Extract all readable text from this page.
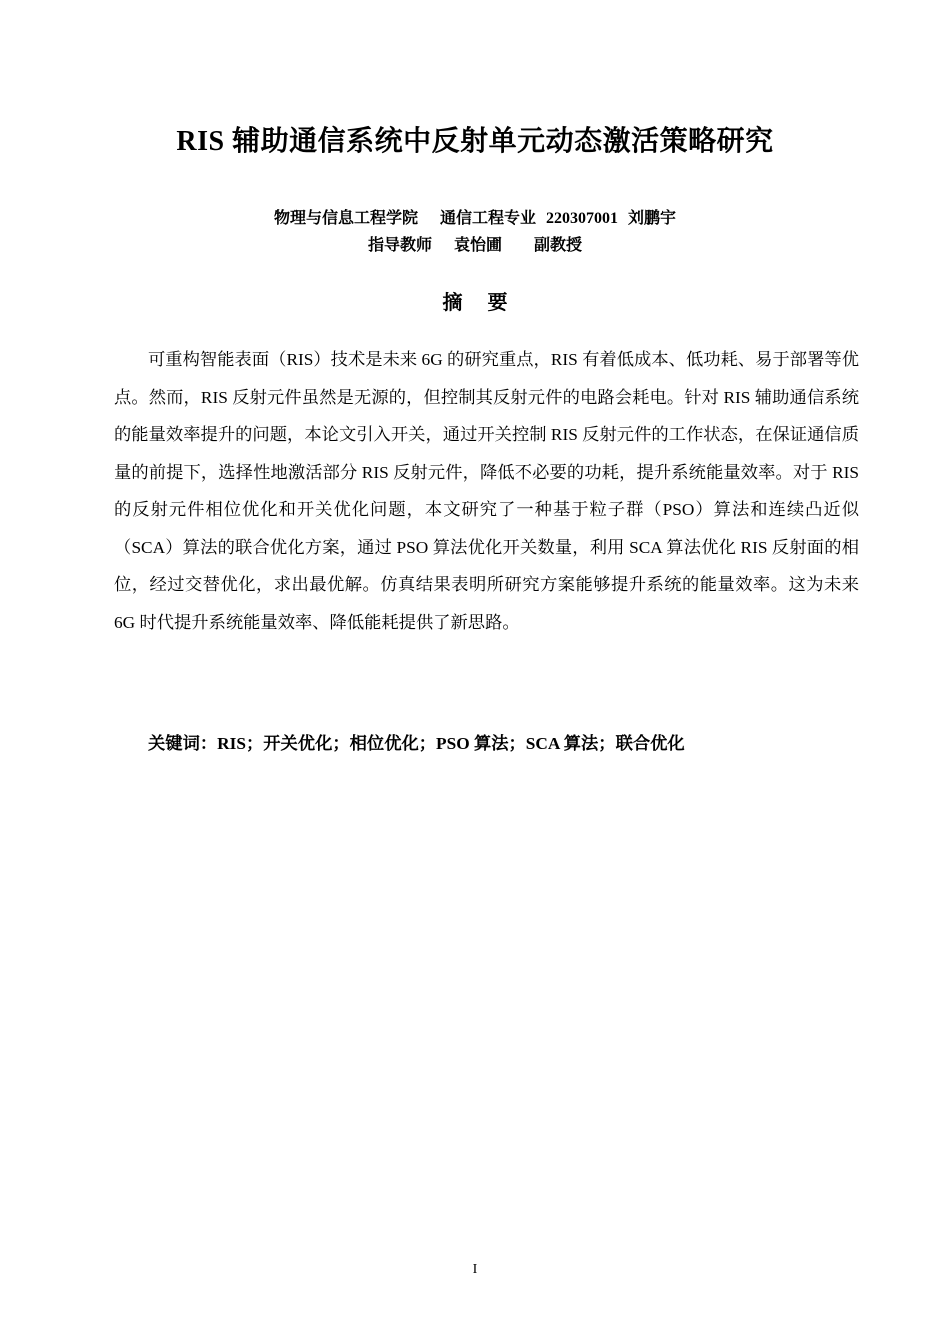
RIS 辅助通信系统中反射单元动态激活策略研究
物理与信息工程学院 通信工程专业 220307001 刘鹏宇
指导教师 袁怡圃 副教授
摘 要

可重构智能表面（RIS）技术是未来 6G 的研究重点，RIS 有着低成本、低功耗、易于部署等优点。然而，RIS 反射元件虽然是无源的，但控制其反射元件的电路会耗电。针对 RIS 辅助通信系统的能量效率提升的问题，本论文引入开关，通过开关控制 RIS 反射元件的工作状态，在保证通信质量的前提下，选择性地激活部分 RIS 反射元件，降低不必要的功耗，提升系统能量效率。对于 RIS 的反射元件相位优化和开关优化问题，本文研究了一种基于粒子群（PSO）算法和连续凸近似（SCA）算法的联合优化方案，通过 PSO 算法优化开关数量，利用 SCA 算法优化 RIS 反射面的相位，经过交替优化，求出最优解。仿真结果表明所研究方案能够提升系统的能量效率。这为未来 6G 时代提升系统能量效率、降低能耗提供了新思路。

关键词：RIS；开关优化；相位优化；PSO 算法；SCA 算法；联合优化
I
